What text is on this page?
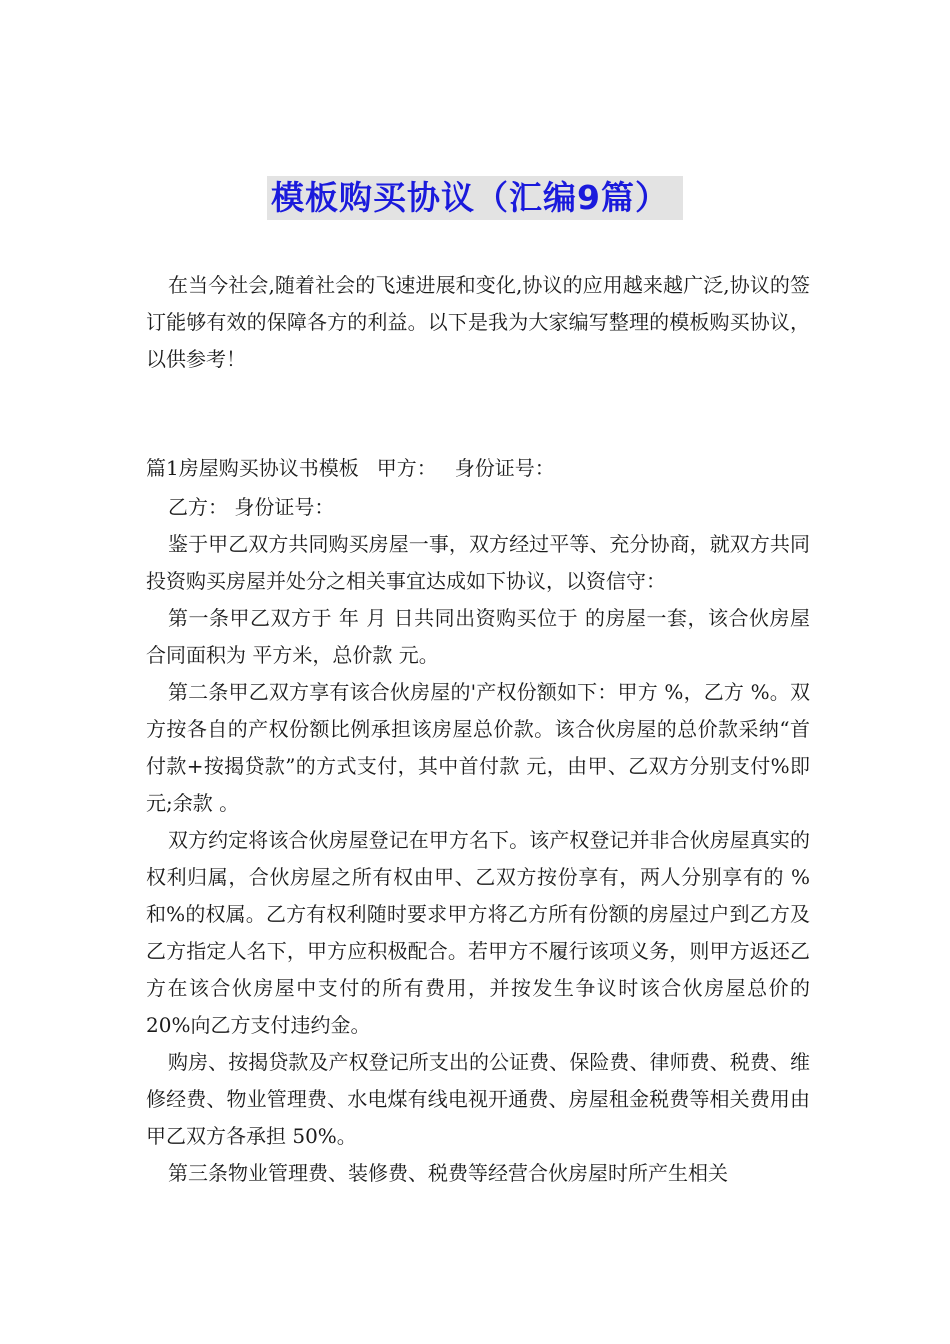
模板购买协议（汇编9篇）

在当今社会,随着社会的飞速进展和变化,协议的应用越来越广泛,协议的签订能够有效的保障各方的利益。以下是我为大家编写整理的模板购买协议，以供参考！

篇1房屋购买协议书模板 甲方： 身份证号：

乙方： 身份证号：

鉴于甲乙双方共同购买房屋一事，双方经过平等、充分协商，就双方共同投资购买房屋并处分之相关事宜达成如下协议，以资信守：

第一条甲乙双方于 年 月 日共同出资购买位于 的房屋一套，该合伙房屋合同面积为 平方米，总价款 元。

第二条甲乙双方享有该合伙房屋的'产权份额如下：甲方 %，乙方 %。双方按各自的产权份额比例承担该房屋总价款。该合伙房屋的总价款采纳“首付款+按揭贷款”的方式支付，其中首付款 元，由甲、乙双方分别支付%即 元;余款 。

双方约定将该合伙房屋登记在甲方名下。该产权登记并非合伙房屋真实的权利归属，合伙房屋之所有权由甲、乙双方按份享有，两人分别享有的 %和%的权属。乙方有权利随时要求甲方将乙方所有份额的房屋过户到乙方及乙方指定人名下，甲方应积极配合。若甲方不履行该项义务，则甲方返还乙方在该合伙房屋中支付的所有费用，并按发生争议时该合伙房屋总价的 20%向乙方支付违约金。

购房、按揭贷款及产权登记所支出的公证费、保险费、律师费、税费、维修经费、物业管理费、水电煤有线电视开通费、房屋租金税费等相关费用由甲乙双方各承担 50%。

第三条物业管理费、装修费、税费等经营合伙房屋时所产生相关
